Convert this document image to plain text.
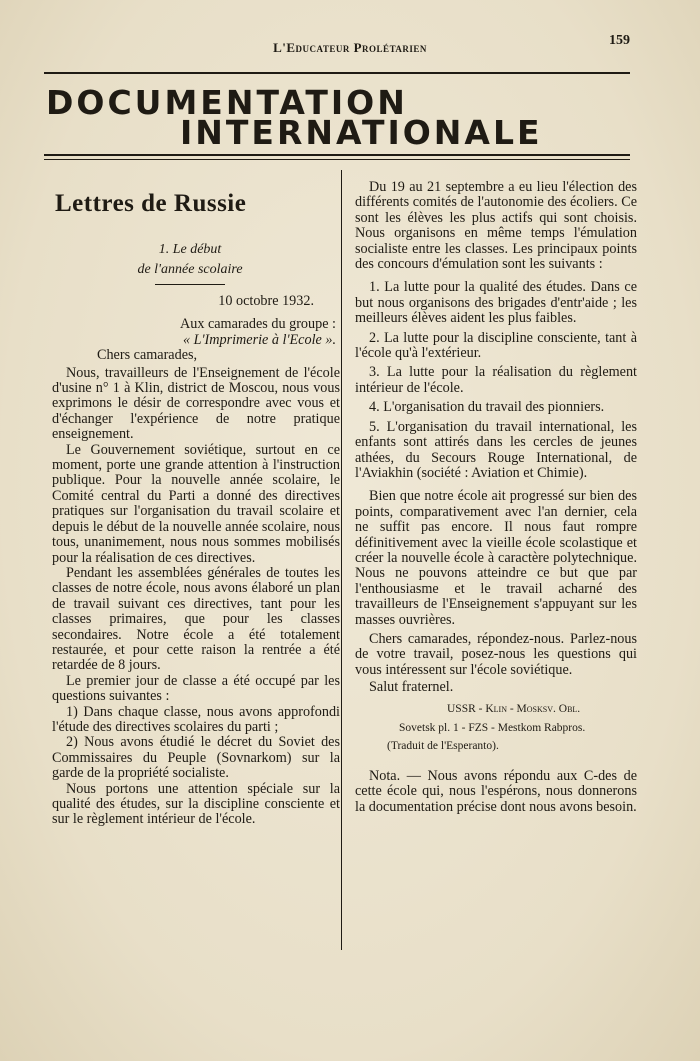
L'Educateur Prolétarien	159
DOCUMENTATION
INTERNATIONALE
Lettres de Russie
1. Le début
de l'année scolaire

10 octobre 1932.

Aux camarades du groupe :

« L'Imprimerie à l'Ecole ».

Chers camarades,

Nous, travailleurs de l'Enseignement de l'école d'usine n° 1 à Klin, district de Moscou, nous vous exprimons le désir de correspondre avec vous et d'échanger l'expérience de notre pratique enseignement.

Le Gouvernement soviétique, surtout en ce moment, porte une grande attention à l'instruction publique. Pour la nouvelle année scolaire, le Comité central du Parti a donné des directives pratiques sur l'organisation du travail scolaire et depuis le début de la nouvelle année scolaire, nous tous, unanimement, nous nous sommes mobilisés pour la réalisation de ces directives.

Pendant les assemblées générales de toutes les classes de notre école, nous avons élaboré un plan de travail suivant ces directives, tant pour les classes primaires, que pour les classes secondaires. Notre école a été totalement restaurée, et pour cette raison la rentrée a été retardée de 8 jours.

Le premier jour de classe a été occupé par les questions suivantes :

1) Dans chaque classe, nous avons approfondi l'étude des directives scolaires du parti ;

2) Nous avons étudié le décret du Soviet des Commissaires du Peuple (Sovnarkom) sur la garde de la propriété socialiste.

Nous portons une attention spéciale sur la qualité des études, sur la discipline consciente et sur le règlement intérieur de l'école.

Du 19 au 21 septembre a eu lieu l'élection des différents comités de l'autonomie des écoliers. Ce sont les élèves les plus actifs qui sont choisis. Nous organisons en même temps l'émulation socialiste entre les classes. Les principaux points des concours d'émulation sont les suivants :

1. La lutte pour la qualité des études. Dans ce but nous organisons des brigades d'entr'aide ; les meilleurs élèves aident les plus faibles.

2. La lutte pour la discipline consciente, tant à l'école qu'à l'extérieur.

3. La lutte pour la réalisation du règlement intérieur de l'école.

4. L'organisation du travail des pionniers.

5. L'organisation du travail international, les enfants sont attirés dans les cercles de jeunes athées, du Secours Rouge International, de l'Aviakhin (société : Aviation et Chimie).

Bien que notre école ait progressé sur bien des points, comparativement avec l'an dernier, cela ne suffit pas encore. Il nous faut rompre définitivement avec la vieille école scolastique et créer la nouvelle école à caractère polytechnique. Nous ne pouvons atteindre ce but que par l'enthousiasme et le travail acharné des travailleurs de l'Enseignement s'appuyant sur les masses ouvrières.

Chers camarades, répondez-nous. Parlez-nous de votre travail, posez-nous les questions qui vous intéressent sur l'école soviétique.

Salut fraternel.

USSR - Klin - Mosksv. Obl.

Sovetsk pl. 1 - FZS - Mestkom Rabpros.

(Traduit de l'Esperanto).

Nota. — Nous avons répondu aux C-des de cette école qui, nous l'espérons, nous donnerons la documentation précise dont nous avons besoin.
